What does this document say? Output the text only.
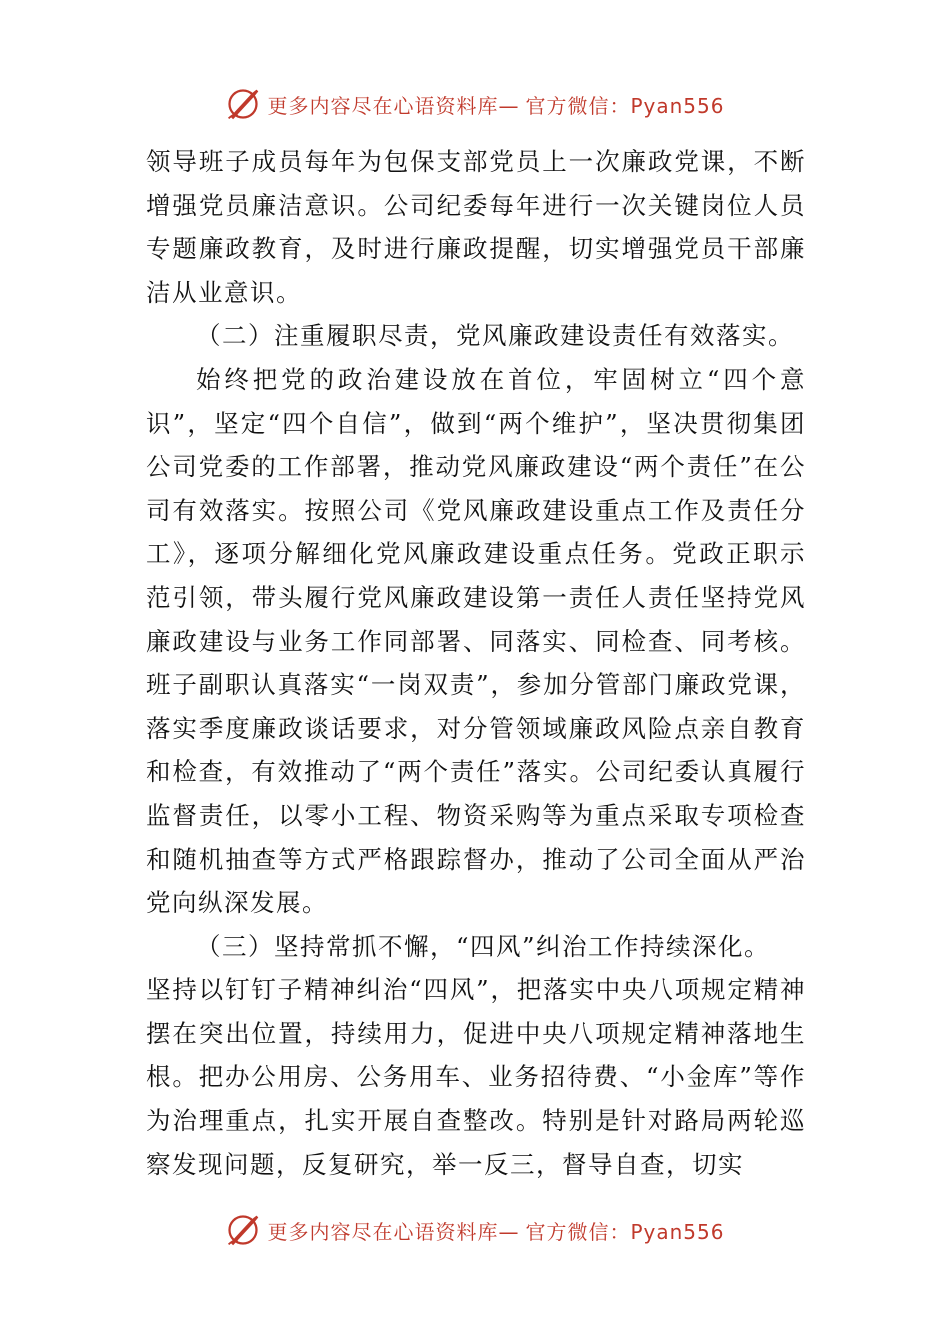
更多内容尽在心语资料库— 官方微信：Pyan556

领导班子成员每年为包保支部党员上一次廉政党课，不断增强党员廉洁意识。公司纪委每年进行一次关键岗位人员专题廉政教育，及时进行廉政提醒，切实增强党员干部廉洁从业意识。

（二）注重履职尽责，党风廉政建设责任有效落实。

始终把党的政治建设放在首位，牢固树立“四个意识”，坚定“四个自信”，做到“两个维护”，坚决贯彻集团公司党委的工作部署，推动党风廉政建设“两个责任”在公司有效落实。按照公司《党风廉政建设重点工作及责任分工》，逐项分解细化党风廉政建设重点任务。党政正职示范引领，带头履行党风廉政建设第一责任人责任坚持党风廉政建设与业务工作同部署、同落实、同检查、同考核。班子副职认真落实“一岗双责”，参加分管部门廉政党课，落实季度廉政谈话要求，对分管领域廉政风险点亲自教育和检查，有效推动了“两个责任”落实。公司纪委认真履行监督责任，以零小工程、物资采购等为重点采取专项检查和随机抽查等方式严格跟踪督办，推动了公司全面从严治党向纵深发展。

（三）坚持常抓不懈，“四风”纠治工作持续深化。

坚持以钉钉子精神纠治“四风”，把落实中央八项规定精神摆在突出位置，持续用力，促进中央八项规定精神落地生根。把办公用房、公务用车、业务招待费、“小金库”等作为治理重点，扎实开展自查整改。特别是针对路局两轮巡察发现问题，反复研究，举一反三，督导自查，切实

更多内容尽在心语资料库— 官方微信：Pyan556
